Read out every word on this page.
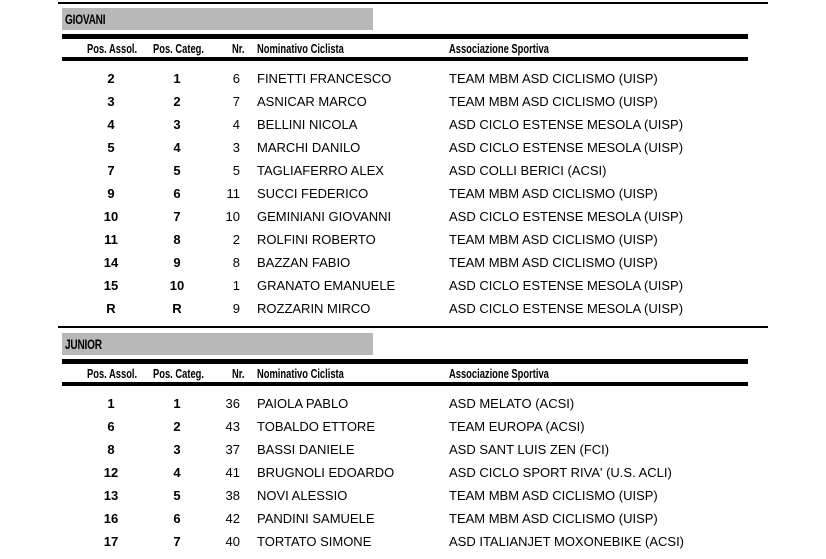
GIOVANI
Pos. Assol. Pos. Categ. Nr. Nominativo Ciclista	Associazione Sportiva
2	1	6 FINETTI FRANCESCO	TEAM MBM ASD CICLISMO (UISP)
3	2	7 ASNICAR MARCO	TEAM MBM ASD CICLISMO (UISP)
4	3	4 BELLINI NICOLA	ASD CICLO ESTENSE MESOLA (UISP)
5	4	3 MARCHI DANILO	ASD CICLO ESTENSE MESOLA (UISP)
7	5	5 TAGLIAFERRO ALEX	ASD COLLI BERICI (ACSI)
9	6	11 SUCCI FEDERICO	TEAM MBM ASD CICLISMO (UISP)
10	7	10 GEMINIANI GIOVANNI	ASD CICLO ESTENSE MESOLA (UISP)
11	8	2 ROLFINI ROBERTO	TEAM MBM ASD CICLISMO (UISP)
14	9	8 BAZZAN FABIO	TEAM MBM ASD CICLISMO (UISP)
15	10	1 GRANATO EMANUELE	ASD CICLO ESTENSE MESOLA (UISP)
R	R	9 ROZZARIN MIRCO	ASD CICLO ESTENSE MESOLA (UISP)
JUNIOR
Pos. Assol. Pos. Categ. Nr. Nominativo Ciclista	Associazione Sportiva
1	1	36 PAIOLA PABLO	ASD MELATO (ACSI)
6	2	43 TOBALDO ETTORE	TEAM EUROPA (ACSI)
8	3	37 BASSI DANIELE	ASD SANT LUIS ZEN (FCI)
12	4	41 BRUGNOLI EDOARDO	ASD CICLO SPORT RIVA' (U.S. ACLI)
13	5	38 NOVI ALESSIO	TEAM MBM ASD CICLISMO (UISP)
16	6	42 PANDINI SAMUELE	TEAM MBM ASD CICLISMO (UISP)
17	7	40 TORTATO SIMONE	ASD ITALIANJET MOXONEBIKE (ACSI)
